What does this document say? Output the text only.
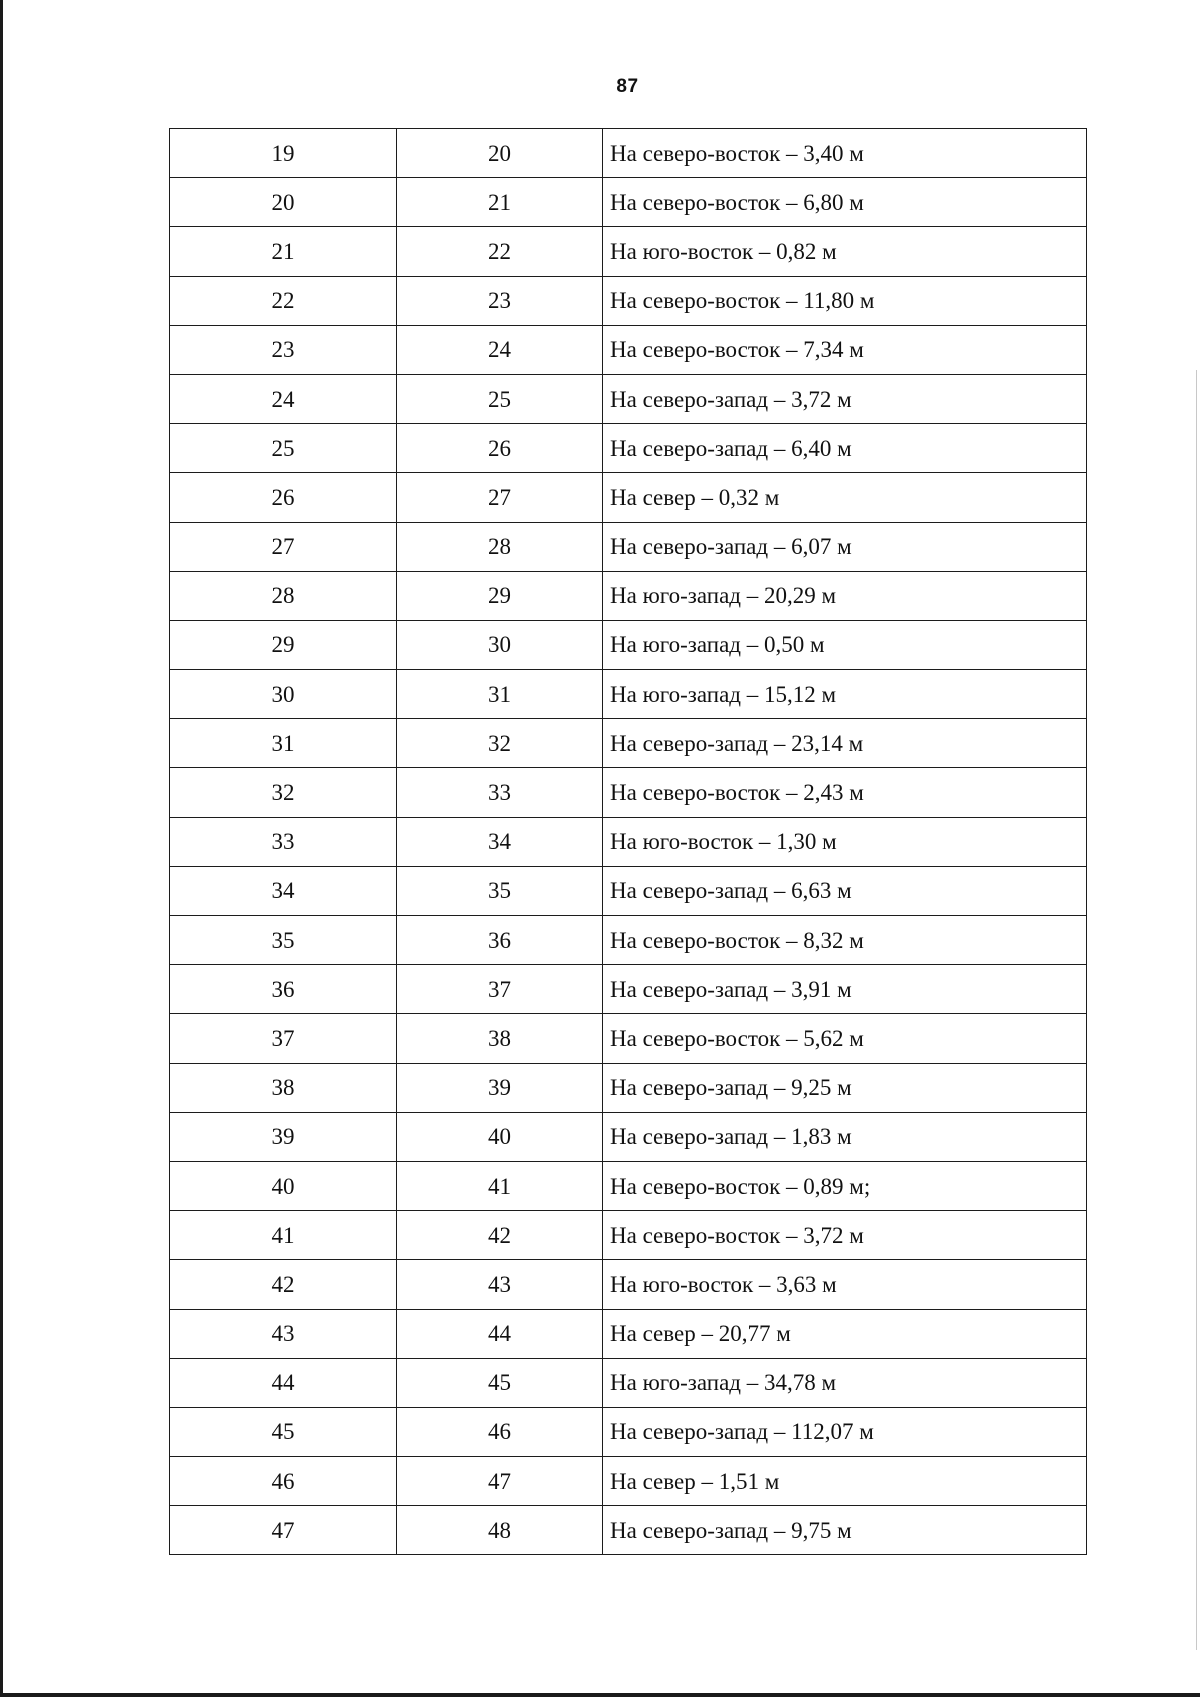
87
19	20	На северо-восток – 3,40 м
20	21	На северо-восток – 6,80 м
21	22	На юго-восток – 0,82 м
22	23	На северо-восток – 11,80 м
23	24	На северо-восток – 7,34 м
24	25	На северо-запад – 3,72 м
25	26	На северо-запад – 6,40 м
26	27	На север – 0,32 м
27	28	На северо-запад – 6,07 м
28	29	На юго-запад – 20,29 м
29	30	На юго-запад – 0,50 м
30	31	На юго-запад – 15,12 м
31	32	На северо-запад – 23,14 м
32	33	На северо-восток – 2,43 м
33	34	На юго-восток – 1,30 м
34	35	На северо-запад – 6,63 м
35	36	На северо-восток – 8,32 м
36	37	На северо-запад – 3,91 м
37	38	На северо-восток – 5,62 м
38	39	На северо-запад – 9,25 м
39	40	На северо-запад – 1,83 м
40	41	На северо-восток – 0,89 м;
41	42	На северо-восток – 3,72 м
42	43	На юго-восток – 3,63 м
43	44	На север – 20,77 м
44	45	На юго-запад – 34,78 м
45	46	На северо-запад – 112,07 м
46	47	На север – 1,51 м
47	48	На северо-запад – 9,75 м
